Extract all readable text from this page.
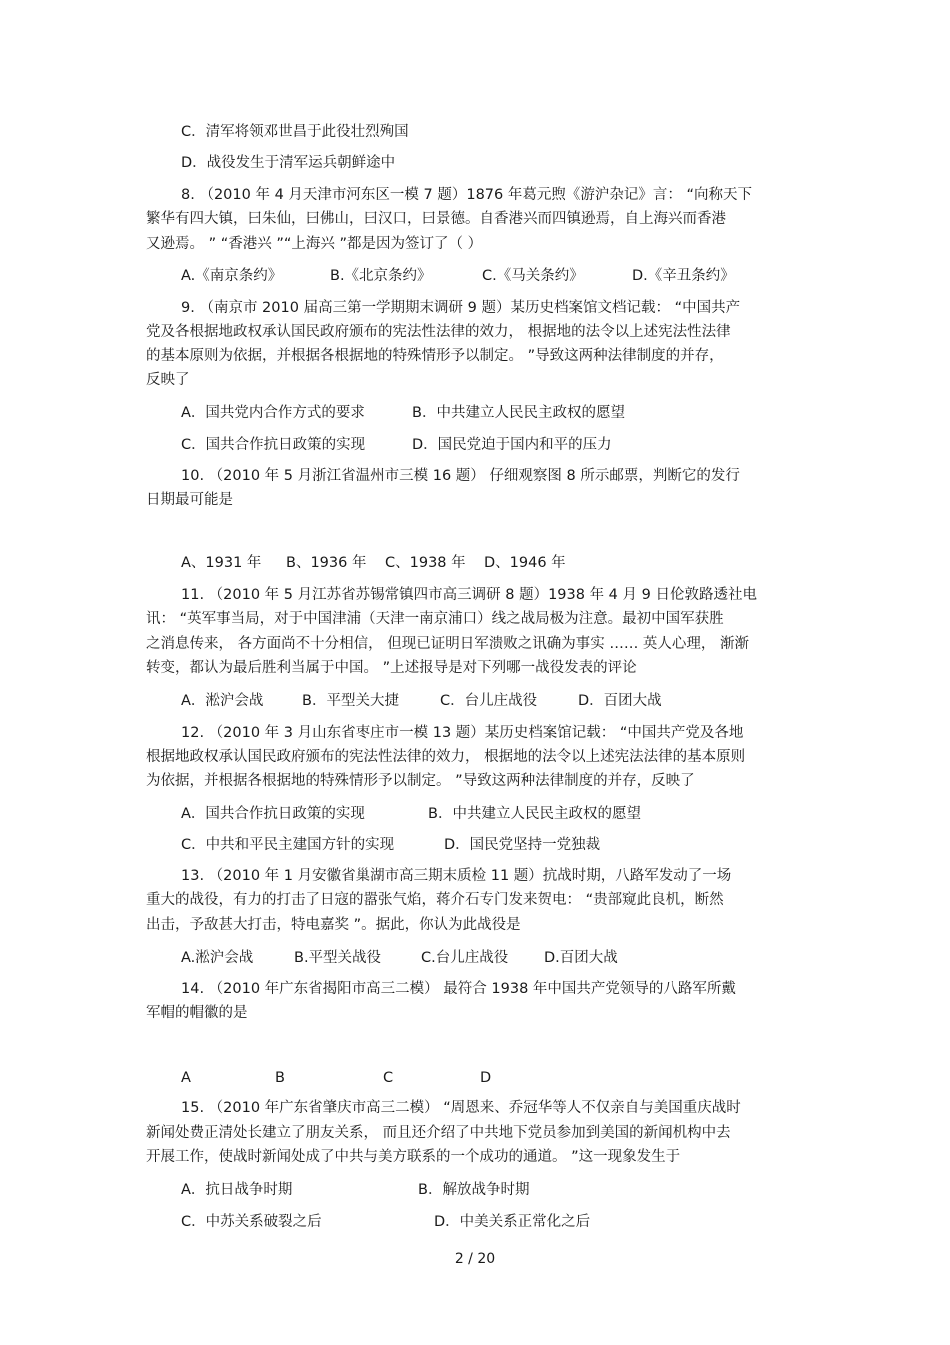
C．清军将领邓世昌于此役壮烈殉国
D．战役发生于清军运兵朝鲜途中
8. （2010 年 4 月天津市河东区一模 7 题）1876 年葛元煦《游沪杂记》言： “向称天下
繁华有四大镇，曰朱仙，曰佛山，曰汉口，曰景德。自香港兴而四镇逊焉，自上海兴而香港
又逊焉。 ” “香港兴 ”“上海兴 ”都是因为签订了（ ）
A.《南京条约》	B.《北京条约》	C.《马关条约》	D.《辛丑条约》
9. （南京市 2010 届高三第一学期期末调研 9 题）某历史档案馆文档记载： “中国共产
党及各根据地政权承认国民政府颁布的宪法性法律的效力， 根据地的法令以上述宪法性法律
的基本原则为依据，并根据各根据地的特殊情形予以制定。 ”导致这两种法律制度的并存，
反映了
A．国共党内合作方式的要求	B．中共建立人民民主政权的愿望
C．国共合作抗日政策的实现	D．国民党迫于国内和平的压力
10. （2010 年 5 月浙江省温州市三模 16 题） 仔细观察图 8 所示邮票，判断它的发行
日期最可能是
A、1931 年 B、1936 年 C、1938 年 D、1946 年
11. （2010 年 5 月江苏省苏锡常镇四市高三调研 8 题）1938 年 4 月 9 日伦敦路透社电
讯： “英军事当局，对于中国津浦（天津一南京浦口）线之战局极为注意。最初中国军获胜
之消息传来， 各方面尚不十分相信， 但现已证明日军溃败之讯确为事实 …… 英人心理， 渐渐
转变，都认为最后胜利当属于中国。 ”上述报导是对下列哪一战役发表的评论
A．淞沪会战	B．平型关大捷	C．台儿庄战役	D．百团大战
12. （2010 年 3 月山东省枣庄市一模 13 题）某历史档案馆记载： “中国共产党及各地
根据地政权承认国民政府颁布的宪法性法律的效力， 根据地的法令以上述宪法法律的基本原则
为依据，并根据各根据地的特殊情形予以制定。 ”导致这两种法律制度的并存，反映了
A．国共合作抗日政策的实现	B．中共建立人民民主政权的愿望
C．中共和平民主建国方针的实现	D．国民党坚持一党独裁
13. （2010 年 1 月安徽省巢湖市高三期末质检 11 题）抗战时期，八路军发动了一场
重大的战役，有力的打击了日寇的嚣张气焰，蒋介石专门发来贺电： “贵部窥此良机，断然
出击，予敌甚大打击，特电嘉奖 ”。据此，你认为此战役是
A.淞沪会战	B.平型关战役	C.台儿庄战役 D.百团大战
14. （2010 年广东省揭阳市高三二模） 最符合 1938 年中国共产党领导的八路军所戴
军帽的帽徽的是
A	B	C	D
15. （2010 年广东省肇庆市高三二模） “周恩来、乔冠华等人不仅亲自与美国重庆战时
新闻处费正清处长建立了朋友关系， 而且还介绍了中共地下党员参加到美国的新闻机构中去
开展工作，使战时新闻处成了中共与美方联系的一个成功的通道。 ”这一现象发生于
A．抗日战争时期	B．解放战争时期
C．中苏关系破裂之后	D．中美关系正常化之后
2 / 20
